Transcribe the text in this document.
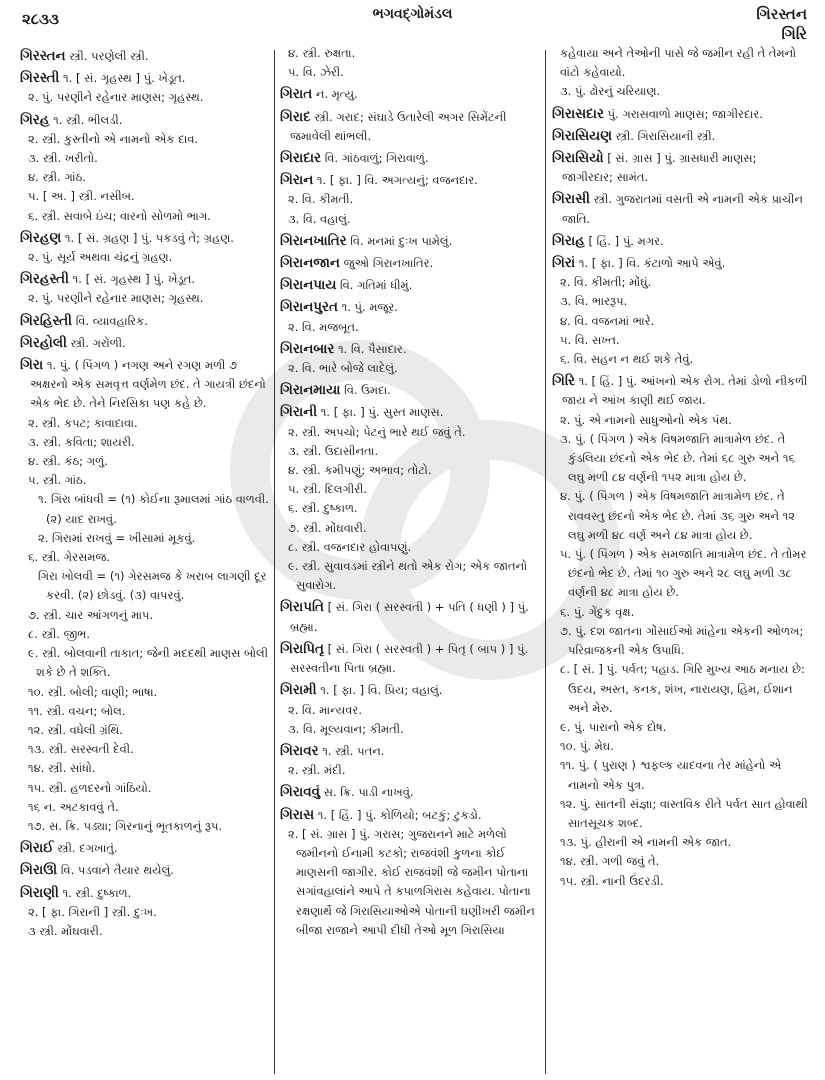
૨૮૩૩	ભગવદ્ગોમંડલ	ગિરસ્તન
ગિરિ
ગિરસ્તન સ્ત્રી. પરણેલી સ્ત્રી.
ગિરસ્તી ૧. [ સં. ગૃહસ્થ ] પું. ખેડૂત.
૨. પું. પરણીને રહેનાર માણસ; ગૃહસ્થ.
ગિરહ ૧. સ્ત્રી. ભીલડી.
૨. સ્ત્રી. કુસ્તીનો એ નામનો એક દાવ.
૩. સ્ત્રી. ખરીતો.
૪. સ્ત્રી. ગાંઠ.
૫. [ અ. ] સ્ત્રી. નસીબ.
૬. સ્ત્રી. સવાબે ઇંચ; વારનો સોળમો ભાગ.
ગિરહણ ૧. [ સં. ગ્રહણ ] પું. પકડવું તે; ગ્રહણ.
૨. પું. સૂર્ય અથવા ચંદ્રનું ગ્રહણ.
ગિરહસ્તી ૧. [ સં. ગૃહસ્થ ] પું. ખેડૂત.
૨. પું. પરણીને રહેનાર માણસ; ગૃહસ્થ.
ગિરહિસ્તી વિ. વ્યાવહારિક.
ગિરહોલી સ્ત્રી. ગરોળી.
ગિરા ૧. પું. ( પિંગળ ) નગણ અને રગણ મળી ૭ અક્ષરનો એક સમવૃત્ત વર્ણમેળ છંદ. તે ગાયત્રી છંદનો એક ભેદ છે. તેને નિરસિકા પણ કહે છે.
૨. સ્ત્રી. કપટ; કાવાદાવા.
૩. સ્ત્રી. કવિતા; શાયરી.
૪. સ્ત્રી. કંઠ; ગળું.
૫. સ્ત્રી. ગાંઠ.
૧. ગિરા બાંધવી = (૧) કોઈના રૂમાલમાં ગાંઠ વાળવી. (૨) યાદ રાખવું.
૨. ગિરામાં રાખવું = ખીસામાં મૂકવું.
૬. સ્ત્રી. ગેરસમજ.
ગિરા ખોલવી = (૧) ગેરસમજ કે ખરાબ લાગણી દૂર કરવી. (૨) છોડવું. (૩) વાપરવું.
૭. સ્ત્રી. ચાર આંગળનું માપ.
૮. સ્ત્રી. જીભ.
૯. સ્ત્રી. બોલવાની તાકાત; જેની મદદથી માણસ બોલી શકે છે તે શક્તિ.
૧૦. સ્ત્રી. બોલી; વાણી; ભાષા.
૧૧. સ્ત્રી. વચન; બોલ.
૧૨. સ્ત્રી. વધેલી ગ્રંથિ.
૧૩. સ્ત્રી. સરસ્વતી દેવી.
૧૪. સ્ત્રી. સાંધો.
૧૫. સ્ત્રી. હળદરનો ગાંઠિયો.
૧૬ ન. અટકાવવું તે.
૧૭. સ. ક્રિ. પડ્યા; ગિરનાનું ભૂતકાળનું રૂપ.
ગિરાઈ સ્ત્રી. દગખાતું.
ગિરાઊ વિ. પડવાને તૈયાર થયેલું.
ગિરાણી ૧. સ્ત્રી. દુષ્કાળ.
૨. [ ફા. ગિરાની ] સ્ત્રી. દુઃખ.
૩ સ્ત્રી. મોંઘવારી.
૪. સ્ત્રી. રુક્ષતા.
૫. વિ. ઝેરી.
ગિરાત ન. મૃત્યુ.
ગિરાદ સ્ત્રી. ગરાદ; સંઘાડે ઉતારેલી અગર સિમેંટની જમાવેલી થાંભલી.
ગિરાદાર વિ. ગાંઠવાળું; ગિરાવાળું.
ગિરાન ૧. [ ફા. ] વિ. અગત્યનું; વજનદાર.
૨. વિ. કીમતી.
૩. વિ. વહાલું.
ગિરાનખાતિર વિ. મનમાં દુઃખ પામેલું.
ગિરાનજાન જુઓ ગિરાનખાતિર.
ગિરાનપાય વિ. ગતિમાં ધીમું.
ગિરાનપુરત ૧. પું. મજૂર.
૨. વિ. મજબૂત.
ગિરાનબાર ૧. વિ. પૈસાદાર.
૨. વિ. ભારે બોજે લાદેલું.
ગિરાનમાયા વિ. ઉમદા.
ગિરાની ૧. [ ફા. ] પું. સુસ્ત માણસ.
૨. સ્ત્રી. અપચો; પેટનું ભારે થઈ જવું તે.
૩. સ્ત્રી. ઉદાસીનતા.
૪. સ્ત્રી. કમીપણું; અભાવ; તોટો.
૫. સ્ત્રી. દિલગીરી.
૬. સ્ત્રી. દુષ્કાળ.
૭. સ્ત્રી. મોંઘવારી.
૮. સ્ત્રી. વજનદાર હોવાપણું.
૯. સ્ત્રી. સુવાવડમાં સ્ત્રીને થતો એક રોગ; એક જાતનો સુવારોગ.
ગિરાપતિ [ સં. ગિરા ( સરસ્વતી ) + પતિ ( ધણી ) ] પું. બ્રહ્મા.
ગિરાપિતૃ [ સં. ગિરા ( સરસ્વતી ) + પિતૃ ( બાપ ) ] પું. સરસ્વતીના પિતા બ્રહ્મા.
ગિરામી ૧. [ ફા. ] વિ. પ્રિય; વહાલું.
૨. વિ. માન્યવર.
૩. વિ. મૂલ્યવાન; કીમતી.
ગિરાવર ૧. સ્ત્રી. પતન.
૨. સ્ત્રી. મંદી.
ગિરાવવું સ. ક્રિ. પાડી નાખવું.
ગિરાસ ૧. [ હિં. ] પું. કોળિયો; બટકું; ટુકડો.
૨. [ સં. ગ્રાસ ] પું. ગરાસ; ગુજરાનને માટે મળેલો જમીનનો ઈનામી કટકો; રાજવંશી કુળના કોઈ માણસની જાગીર. કોઈ રાજવંશી જે જમીન પોતાના સગાંવહાલાંને આપે તે કપાળગિરાસ કહેવાય. પોતાના રક્ષણાર્થે જે ગિરાસિયાઓએ પોતાની ઘણીખરી જમીન બીજા રાજાને આપી દીધી તેઓ મૂળ ગિરાસિયા
કહેવાયા અને તેઓની પાસે જે જમીન રહી તે તેમનો વાંટો કહેવાયો.
૩. પું. ઢોરનું ચરિયાણ.
ગિરાસદાર પું. ગરાસવાળો માણસ; જાગીરદાર.
ગિરાસિયણ સ્ત્રી. ગિરાસિયાની સ્ત્રી.
ગિરાસિયો [ સં. ગ્રાસ ] પું. ગ્રાસધારી માણસ; જાગીરદાર; સામંત.
ગિરાસી સ્ત્રી. ગુજરાતમાં વસતી એ નામની એક પ્રાચીન જાતિ.
ગિરાહ [ હિં. ] પું. મગર.
ગિરાં ૧. [ ફા. ] વિ. કંટાળો આપે એવું.
૨. વિ. કીમતી; મોંઘું.
૩. વિ. ભારરૂપ.
૪. વિ. વજનમાં ભારે.
૫. વિ. સખ્ત.
૬. વિ. સહન ન થઈ શકે તેવું.
ગિરિ ૧. [ હિં. ] પું. આંખનો એક રોગ. તેમાં ડોળો નીકળી જાય ને આંખ કાણી થઈ જાય.
૨. પું. એ નામનો સાધુઓનો એક પંથ.
૩. પું. ( પિંગળ ) એક વિષમજાતિ માત્રામેળ છંદ. તે કુંડલિયા છંદનો એક ભેદ છે. તેમાં ૬૮ ગુરુ અને ૧૬ લઘુ મળી ૮૪ વર્ણની ૧૫૨ માત્રા હોય છે.
૪. પું. ( પિંગળ ) એક વિષમજાતિ માત્રામેળ છંદ. તે રાવવસ્તુ છંદનો એક ભેદ છે. તેમાં ૩૬ ગુરુ અને ૧૨ લઘુ મળી ૪૮ વર્ણ અને ૮૪ માત્રા હોય છે.
૫. પું. ( પિંગળ ) એક સમજાતિ માત્રામેળ છંદ. તે તોમર છંદનો ભેદ છે. તેમાં ૧૦ ગુરુ અને ૨૮ લઘુ મળી ૩૮ વર્ણની ૪૮ માત્રા હોય છે.
૬. પું. ગેંદુક વૃક્ષ.
૭. પું. દશ જાતના ગોંસાઈઓ માંહેના એકની ઓળખ; પરિવ્રાજકની એક ઉપાધિ.
૮. [ સં. ] પું. પર્વત; પહાડ. ગિરિ મુખ્ય આઠ મનાય છે: ઉદય, અસ્ત, કનક, શંખ, નારાયણ, હિમ, ઈશાન અને મેરુ.
૯. પું. પારાનો એક દોષ.
૧૦. પું. મેઘ.
૧૧. પું. ( પુરાણ ) શ્વફલ્ક યાદવના તેર માંહેનો એ નામનો એક પુત્ર.
૧૨. પું. સાતની સંજ્ઞા; વાસ્તવિક રીતે પર્વત સાત હોવાથી સાતસૂચક શબ્દ.
૧૩. પું. હીરાની એ નામની એક જાત.
૧૪. સ્ત્રી. ગળી જવું તે.
૧૫. સ્ત્રી. નાની ઉંદરડી.
